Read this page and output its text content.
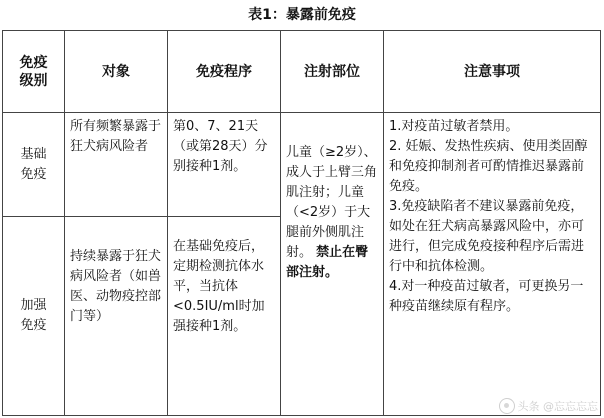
表1：暴露前免疫
免疫
级别	对象	免疫程序	注射部位	注意事项
基础
免疫	所有频繁暴露于狂犬病风险者	第0、7、21天（或第28天）分别接种1剂。	儿童（≥2岁）、成人于上臂三角肌注射；儿童（<2岁）于大腿前外侧肌注射。 禁止在臀部注射。	1.对疫苗过敏者禁用。
2. 妊娠、发热性疾病、使用类固醇和免疫抑制剂者可酌情推迟暴露前免疫。
3.免疫缺陷者不建议暴露前免疫，如处在狂犬病高暴露风险中，亦可进行，但完成免疫接种程序后需进行中和抗体检测。
4.对一种疫苗过敏者，可更换另一种疫苗继续原有程序。

加强
免疫	持续暴露于狂犬病风险者（如兽医、动物疫控部门等）	在基础免疫后，定期检测抗体水平，当抗体<0.5IU/ml时加强接种1剂。		
头条 @忘忘忘忘
